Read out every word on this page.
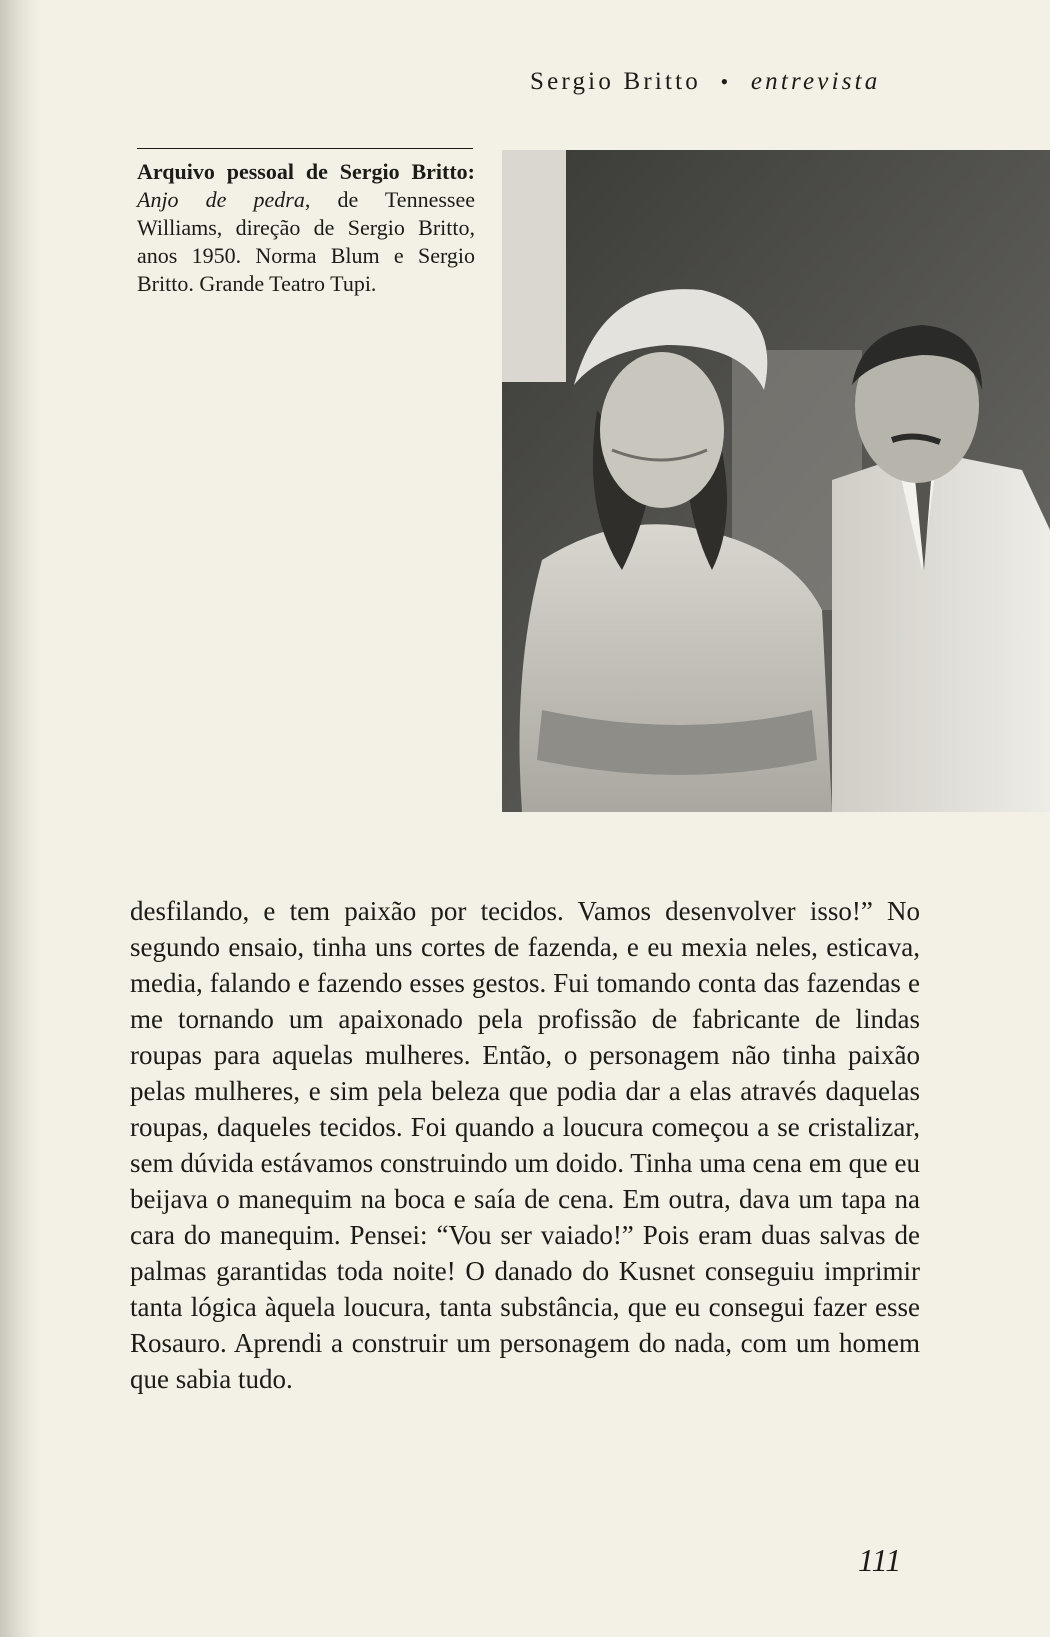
Sergio Britto • entrevista
Arquivo pessoal de Sergio Britto: Anjo de pedra, de Tennessee Williams, direção de Sergio Britto, anos 1950. Norma Blum e Sergio Britto. Grande Teatro Tupi.

desfilando, e tem paixão por tecidos. Vamos desenvolver isso!” No segundo ensaio, tinha uns cortes de fazenda, e eu mexia neles, esticava, media, falando e fazendo esses gestos. Fui tomando conta das fazendas e me tornando um apaixonado pela profissão de fabricante de lindas roupas para aquelas mulheres. Então, o personagem não tinha paixão pelas mulheres, e sim pela beleza que podia dar a elas através daquelas roupas, daqueles tecidos. Foi quando a loucura começou a se cristalizar, sem dúvida estávamos construindo um doido. Tinha uma cena em que eu beijava o manequim na boca e saía de cena. Em outra, dava um tapa na cara do manequim. Pensei: “Vou ser vaiado!” Pois eram duas salvas de palmas garantidas toda noite! O danado do Kusnet conseguiu imprimir tanta lógica àquela loucura, tanta substância, que eu consegui fazer esse Rosauro. Aprendi a construir um personagem do nada, com um homem que sabia tudo.

111
